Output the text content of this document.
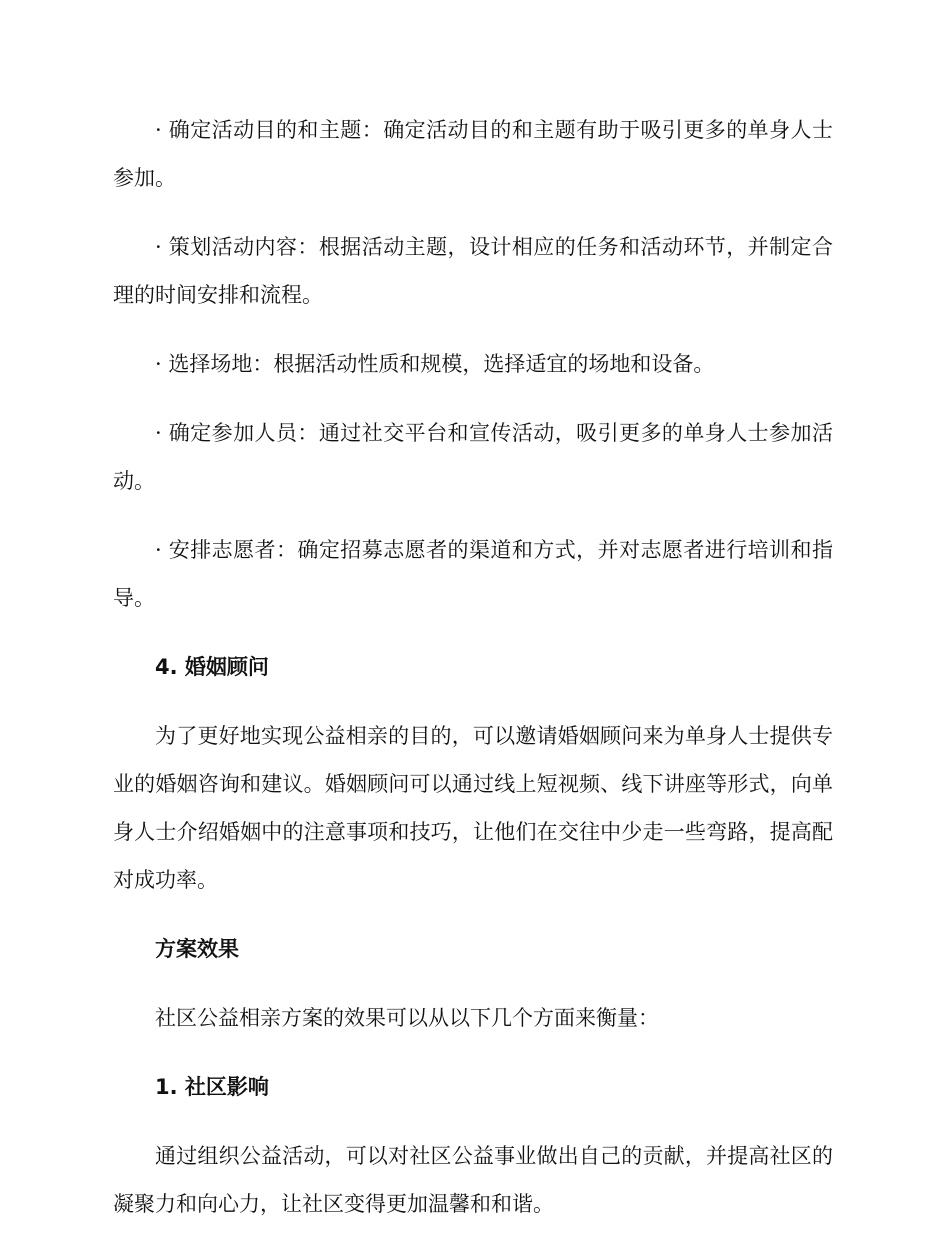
· 确定活动目的和主题：确定活动目的和主题有助于吸引更多的单身人士参加。

· 策划活动内容：根据活动主题，设计相应的任务和活动环节，并制定合理的时间安排和流程。

· 选择场地：根据活动性质和规模，选择适宜的场地和设备。

· 确定参加人员：通过社交平台和宣传活动，吸引更多的单身人士参加活动。

· 安排志愿者：确定招募志愿者的渠道和方式，并对志愿者进行培训和指导。

4. 婚姻顾问

为了更好地实现公益相亲的目的，可以邀请婚姻顾问来为单身人士提供专业的婚姻咨询和建议。婚姻顾问可以通过线上短视频、线下讲座等形式，向单身人士介绍婚姻中的注意事项和技巧，让他们在交往中少走一些弯路，提高配对成功率。

方案效果

社区公益相亲方案的效果可以从以下几个方面来衡量：

1. 社区影响

通过组织公益活动，可以对社区公益事业做出自己的贡献，并提高社区的凝聚力和向心力，让社区变得更加温馨和和谐。
